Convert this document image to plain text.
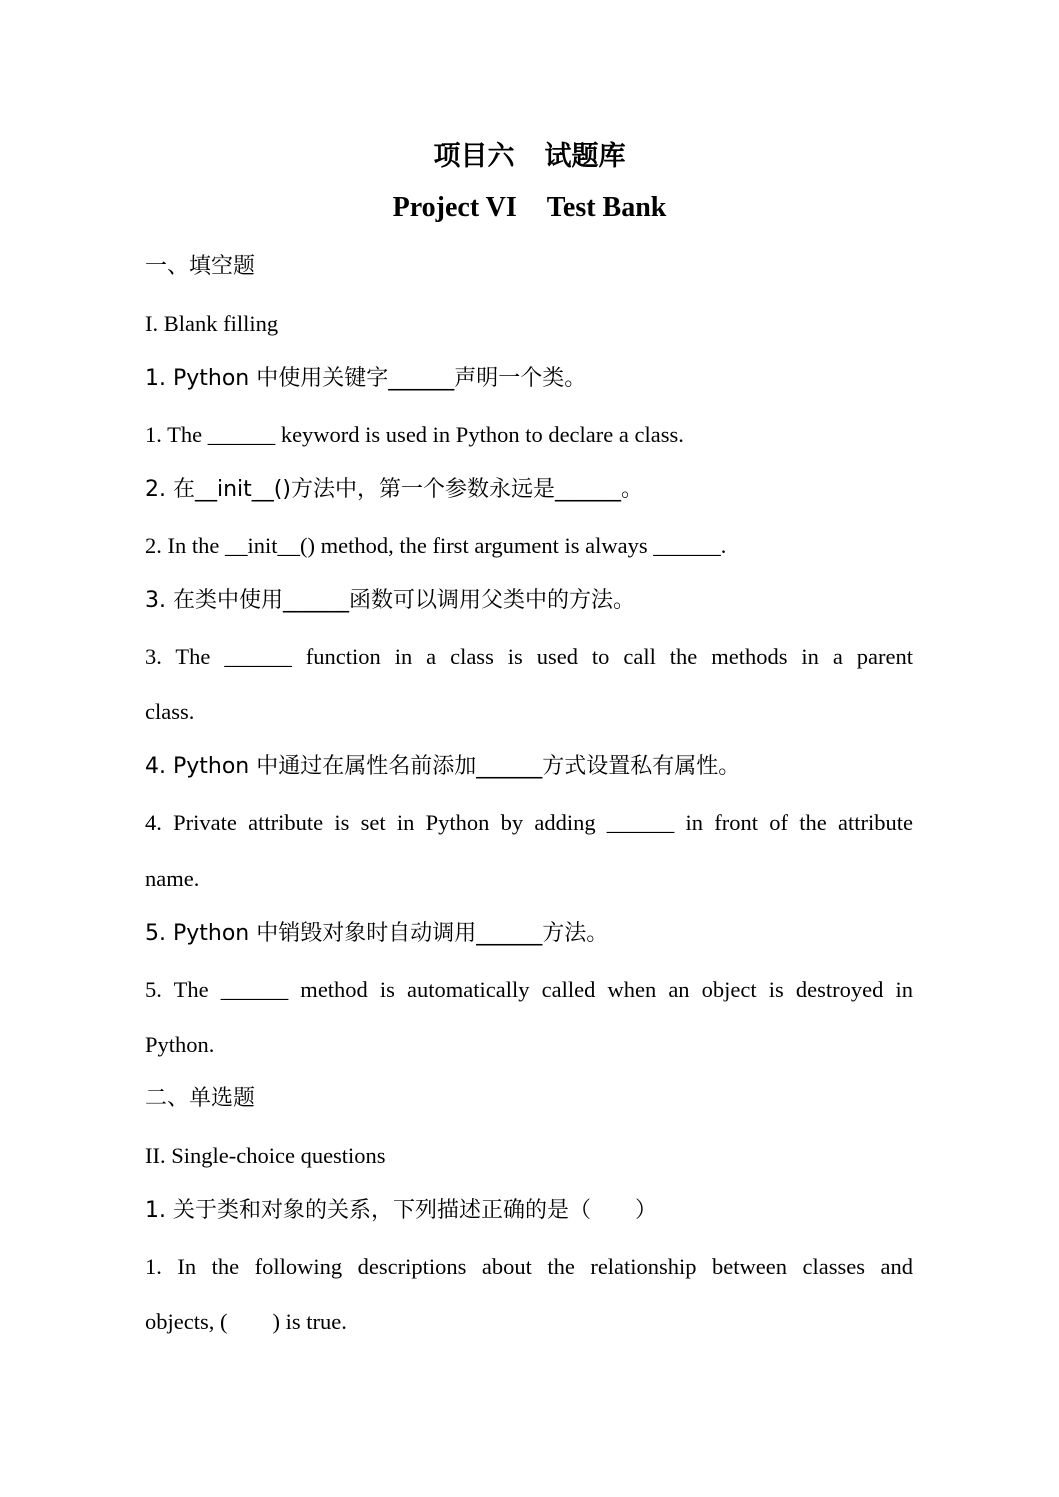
项目六 试题库
Project VI Test Bank
一、填空题
I. Blank filling
1. Python 中使用关键字______声明一个类。
1. The ______ keyword is used in Python to declare a class.
2. 在__init__()方法中，第一个参数永远是______。
2. In the __init__() method, the first argument is always ______.
3. 在类中使用______函数可以调用父类中的方法。
3. The ______ function in a class is used to call the methods in a parent
class.
4. Python 中通过在属性名前添加______方式设置私有属性。
4. Private attribute is set in Python by adding ______ in front of the attribute
name.
5. Python 中销毁对象时自动调用______方法。
5. The ______ method is automatically called when an object is destroyed in
Python.
二、单选题
II. Single-choice questions
1. 关于类和对象的关系，下列描述正确的是（　　）
1. In the following descriptions about the relationship between classes and
objects, (　　) is true.
